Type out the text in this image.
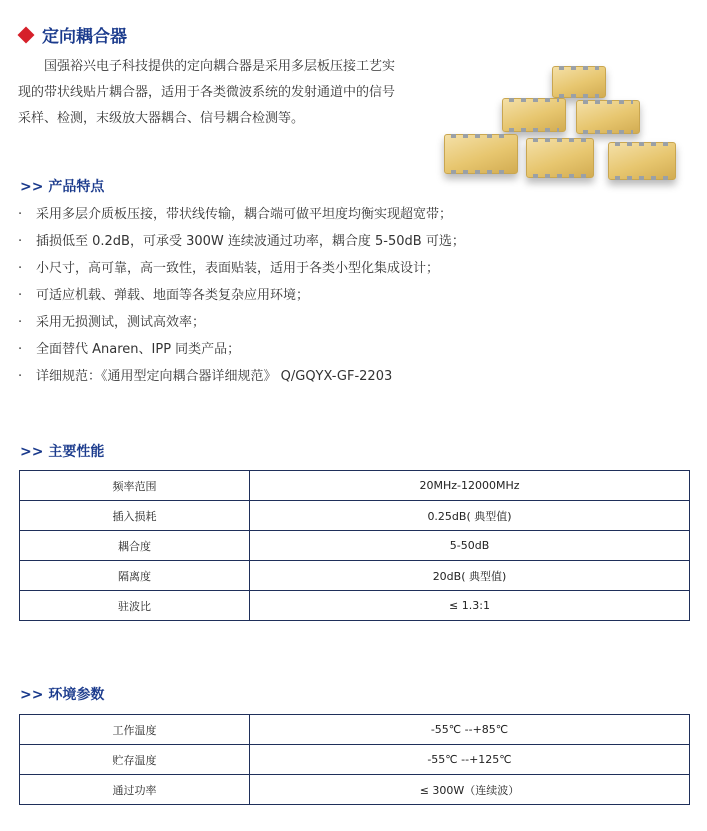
定向耦合器

国强裕兴电子科技提供的定向耦合器是采用多层板压接工艺实

现的带状线贴片耦合器，适用于各类微波系统的发射通道中的信号

采样、检测，末级放大器耦合、信号耦合检测等。

>> 产品特点
· 采用多层介质板压接，带状线传输，耦合端可做平坦度均衡实现超宽带；
· 插损低至 0.2dB，可承受 300W 连续波通过功率，耦合度 5-50dB 可选；
· 小尺寸，高可靠，高一致性，表面贴装，适用于各类小型化集成设计；
· 可适应机载、弹载、地面等各类复杂应用环境；
· 采用无损测试，测试高效率；
· 全面替代 Anaren、IPP 同类产品；
· 详细规范：《通用型定向耦合器详细规范》 Q/GQYX-GF-2203
>> 主要性能
频率范围	20MHz-12000MHz
插入损耗	0.25dB( 典型值)
耦合度	5-50dB
隔离度	20dB( 典型值)
驻波比	≤ 1.3:1
>> 环境参数
工作温度	-55℃ --+85℃
贮存温度	-55℃ --+125℃
通过功率	≤ 300W（连续波）
